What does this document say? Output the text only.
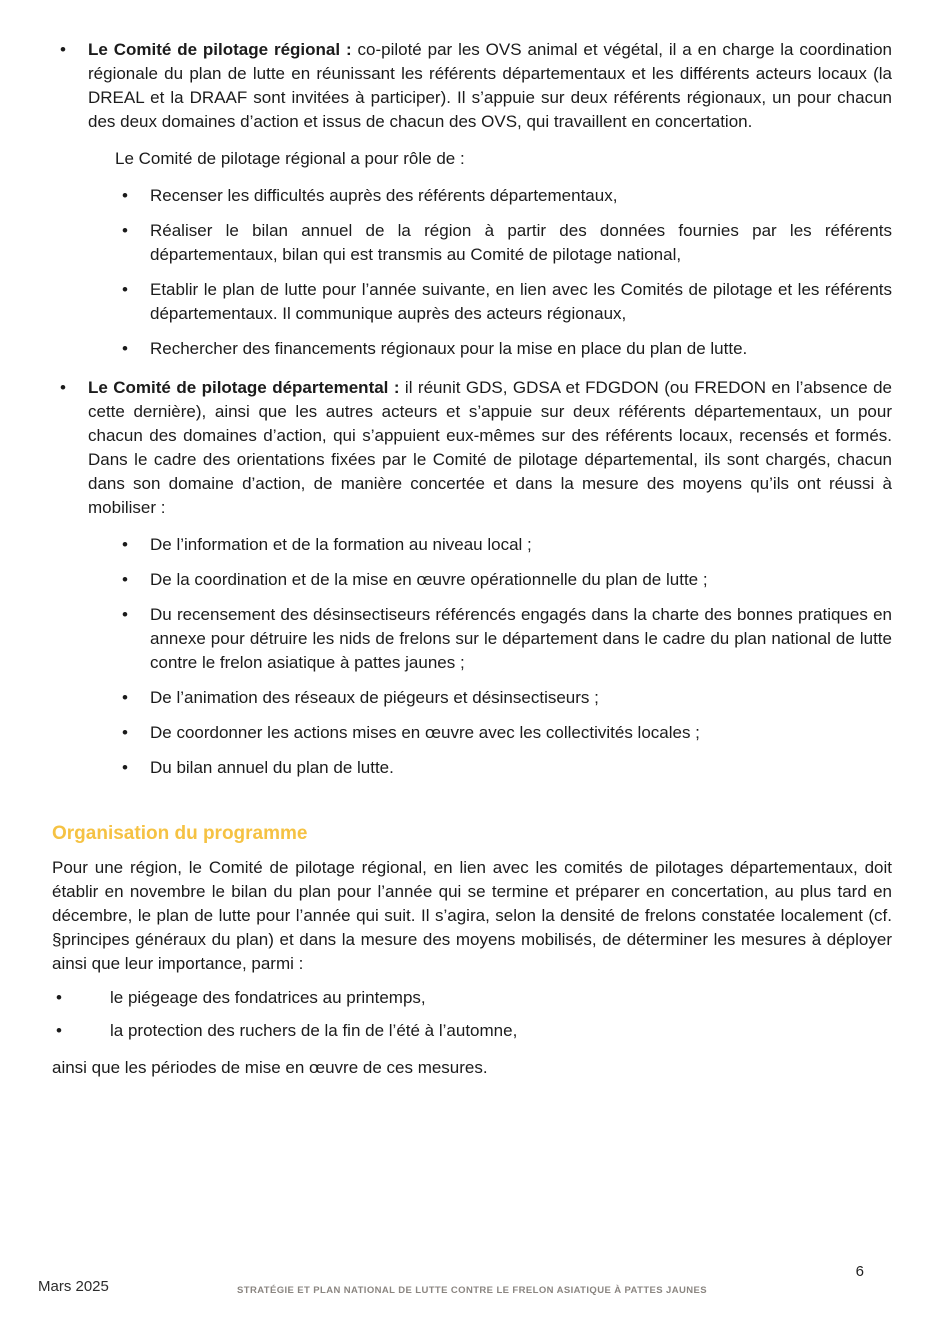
•	Le Comité de pilotage régional : co-piloté par les OVS animal et végétal, il a en charge la coordination régionale du plan de lutte en réunissant les référents départementaux et les différents acteurs locaux (la DREAL et la DRAAF sont invitées à participer). Il s’appuie sur deux référents régionaux, un pour chacun des deux domaines d’action et issus de chacun des OVS, qui travaillent en concertation.

Le Comité de pilotage régional a pour rôle de :

•	Recenser les difficultés auprès des référents départementaux,

•	Réaliser le bilan annuel de la région à partir des données fournies par les référents départementaux, bilan qui est transmis au Comité de pilotage national,

•	Etablir le plan de lutte pour l’année suivante, en lien avec les Comités de pilotage et les référents départementaux. Il communique auprès des acteurs régionaux,

•	Rechercher des financements régionaux pour la mise en place du plan de lutte.

•	Le Comité de pilotage départemental : il réunit GDS, GDSA et FDGDON (ou FREDON en l’absence de cette dernière), ainsi que les autres acteurs et s’appuie sur deux référents départementaux, un pour chacun des domaines d’action, qui s’appuient eux-mêmes sur des référents locaux, recensés et formés. Dans le cadre des orientations fixées par le Comité de pilotage départemental, ils sont chargés, chacun dans son domaine d’action, de manière concertée et dans la mesure des moyens qu’ils ont réussi à mobiliser :

•	De l’information et de la formation au niveau local ;

•	De la coordination et de la mise en œuvre opérationnelle du plan de lutte ;

•	Du recensement des désinsectiseurs référencés engagés dans la charte des bonnes pratiques en annexe pour détruire les nids de frelons sur le département dans le cadre du plan national de lutte contre le frelon asiatique à pattes jaunes ;

•	De l’animation des réseaux de piégeurs et désinsectiseurs ;

•	De coordonner les actions mises en œuvre avec les collectivités locales ;

•	Du bilan annuel du plan de lutte.

Organisation du programme

Pour une région, le Comité de pilotage régional, en lien avec les comités de pilotages départementaux, doit établir en novembre le bilan du plan pour l’année qui se termine et préparer en concertation, au plus tard en décembre, le plan de lutte pour l’année qui suit. Il s’agira, selon la densité de frelons constatée localement (cf. §principes généraux du plan) et dans la mesure des moyens mobilisés, de déterminer les mesures à déployer ainsi que leur importance, parmi :

•	le piégeage des fondatrices au printemps,

•	la protection des ruchers de la fin de l’été à l’automne,

ainsi que les périodes de mise en œuvre de ces mesures.

Mars 2025	STRATÉGIE ET PLAN NATIONAL DE LUTTE CONTRE LE FRELON ASIATIQUE À PATTES JAUNES
6
